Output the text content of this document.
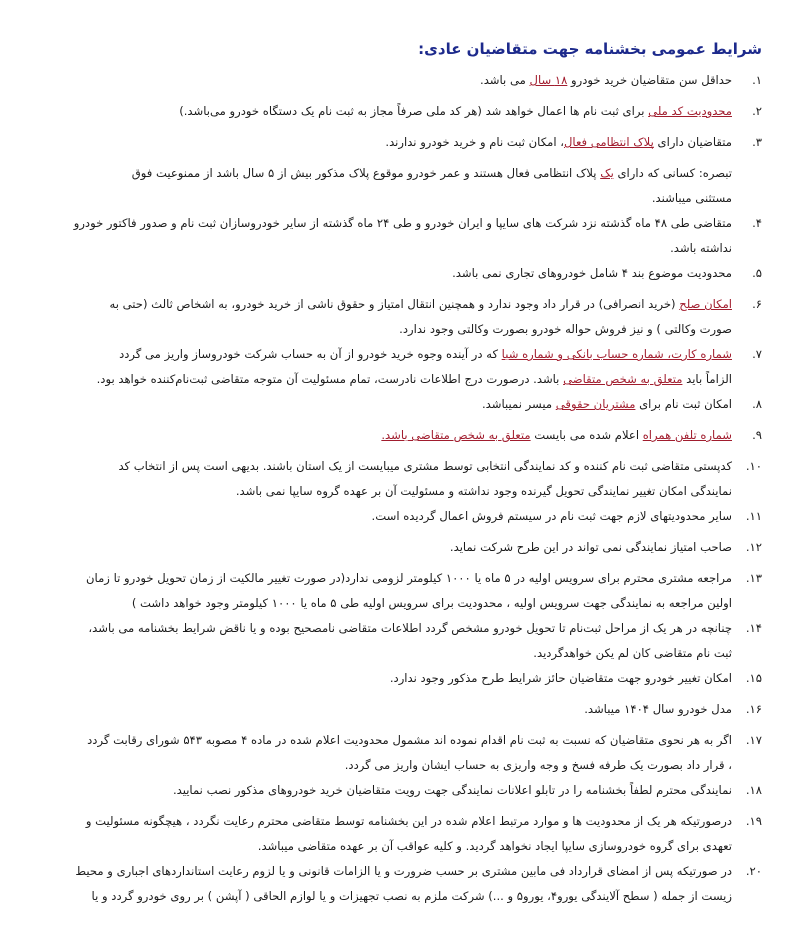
شرایط عمومی بخشنامه جهت متقاضیان عادی:
۱.

حداقل سن متقاضیان خرید خودرو ۱۸ سال می باشد.

۲.

محدودیت کد ملی برای ثبت نام ها اعمال خواهد شد (هر کد ملی صرفاً مجاز به ثبت نام یک دستگاه خودرو می‌باشد.)

۳.

متقاضیان دارای پلاک انتظامی فعال، امکان ثبت نام و خرید خودرو ندارند.

تبصره: کسانی که دارای یک پلاک انتظامی فعال هستند و عمر خودرو موقوع پلاک مذکور بیش از ۵ سال باشد از ممنوعیت فوق

مستثنی میباشند.

۴.

متقاضی طی ۴۸ ماه گذشته نزد شرکت های سایپا و ایران خودرو و طی ۲۴ ماه گذشته از سایر خودروسازان ثبت نام و صدور فاکتور خودرو

نداشته باشد.

۵.

محدودیت موضوع بند ۴ شامل خودروهای تجاری نمی باشد.

۶.

امکان صلح (خرید انصرافی) در قرار داد وجود ندارد و همچنین انتقال امتیاز و حقوق ناشی از خرید خودرو، به اشخاص ثالث (حتی به

صورت وکالتی ) و نیز فروش حواله خودرو بصورت وکالتی وجود ندارد.

۷.

شماره کارت، شماره حساب بانکی و شماره شبا که در آینده وجوه خرید خودرو از آن به حساب شرکت خودروساز واریز می گردد

الزاماً باید متعلق به شخص متقاضی باشد. درصورت درج اطلاعات نادرست، تمام مسئولیت آن متوجه متقاضی ثبت‌نام‌کننده خواهد بود.

۸.

امکان ثبت نام برای مشتریان حقوقی میسر نمیباشد.

۹.

شماره تلفن همراه اعلام شده می بایست متعلق به شخص متقاضی باشد.

۱۰.

کدپستی متقاضی ثبت نام کننده و کد نمایندگی انتخابی توسط مشتری میبایست از یک استان باشند. بدیهی است پس از انتخاب کد

نمایندگی امکان تغییر نمایندگی تحویل گیرنده وجود نداشته و مسئولیت آن بر عهده گروه سایپا نمی باشد.

۱۱.

سایر محدودیتهای لازم جهت ثبت نام در سیستم فروش اعمال گردیده است.

۱۲.

صاحب امتیاز نمایندگی نمی تواند در این طرح شرکت نماید.

۱۳.

مراجعه مشتری محترم برای سرویس اولیه در ۵ ماه یا ۱۰۰۰ کیلومتر لزومی ندارد(در صورت تغییر مالکیت از زمان تحویل خودرو تا زمان

اولین مراجعه به نمایندگی جهت سرویس اولیه ، محدودیت برای سرویس اولیه طی ۵ ماه یا ۱۰۰۰ کیلومتر وجود خواهد داشت )

۱۴.

چنانچه در هر یک از مراحل ثبت‌نام تا تحویل خودرو مشخص گردد اطلاعات متقاضی نامصحیح بوده و یا ناقض شرایط بخشنامه می باشد،

ثبت نام متقاضی کان لم یکن خواهدگردید.

۱۵.

امکان تغییر خودرو جهت متقاضیان حائز شرایط طرح مذکور وجود ندارد.

۱۶.

مدل خودرو سال ۱۴۰۴ میباشد.

۱۷.

اگر به هر نحوی متقاضیان که نسبت به ثبت نام اقدام نموده اند مشمول محدودیت اعلام شده در ماده ۴ مصوبه ۵۴۳ شورای رقابت گردد

، قرار داد بصورت یک طرفه فسخ و وجه واریزی به حساب ایشان واریز می گردد.

۱۸.

نمایندگی محترم لطفاً بخشنامه را در تابلو اعلانات نمایندگی جهت رویت متقاضیان خرید خودروهای مذکور نصب نمایید.

۱۹.

درصورتیکه هر یک از محدودیت ها و موارد مرتبط اعلام شده در این بخشنامه توسط متقاضی محترم رعایت نگردد ، هیچگونه مسئولیت و

تعهدی برای گروه خودروسازی سایپا ایجاد نخواهد گردید. و کلیه عواقب آن بر عهده متقاضی میباشد.

۲۰.

در صورتیکه پس از امضای قرارداد فی مابین مشتری بر حسب ضرورت و یا الزامات قانونی و یا لزوم رعایت استانداردهای اجباری و محیط

زیست از جمله ( سطح آلایندگی یورو۴، یورو۵ و ...) شرکت ملزم به نصب تجهیزات و یا لوازم الحاقی ( آپشن ) بر روی خودرو گردد و یا
